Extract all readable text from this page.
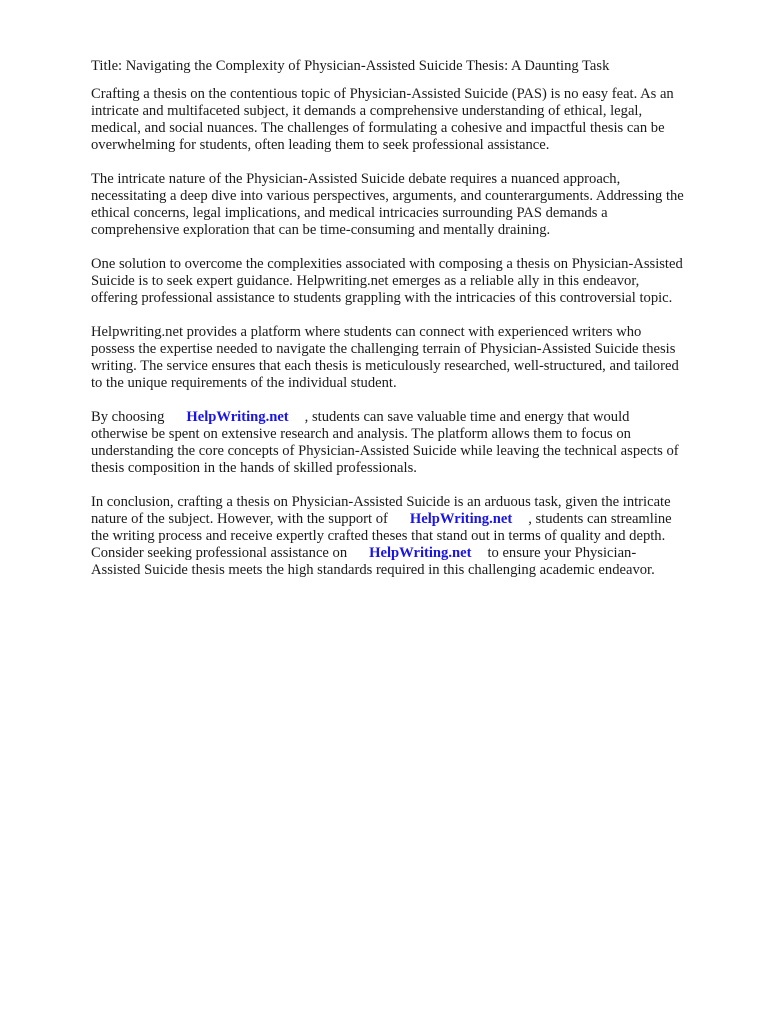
Title: Navigating the Complexity of Physician-Assisted Suicide Thesis: A Daunting Task
Crafting a thesis on the contentious topic of Physician-Assisted Suicide (PAS) is no easy feat. As an
intricate and multifaceted subject, it demands a comprehensive understanding of ethical, legal,
medical, and social nuances. The challenges of formulating a cohesive and impactful thesis can be
overwhelming for students, often leading them to seek professional assistance.
The intricate nature of the Physician-Assisted Suicide debate requires a nuanced approach,
necessitating a deep dive into various perspectives, arguments, and counterarguments. Addressing the
ethical concerns, legal implications, and medical intricacies surrounding PAS demands a
comprehensive exploration that can be time-consuming and mentally draining.
One solution to overcome the complexities associated with composing a thesis on Physician-Assisted
Suicide is to seek expert guidance. Helpwriting.net emerges as a reliable ally in this endeavor,
offering professional assistance to students grappling with the intricacies of this controversial topic.
Helpwriting.net provides a platform where students can connect with experienced writers who
possess the expertise needed to navigate the challenging terrain of Physician-Assisted Suicide thesis
writing. The service ensures that each thesis is meticulously researched, well-structured, and tailored
to the unique requirements of the individual student.
By choosing HelpWriting.net , students can save valuable time and energy that would
otherwise be spent on extensive research and analysis. The platform allows them to focus on
understanding the core concepts of Physician-Assisted Suicide while leaving the technical aspects of
thesis composition in the hands of skilled professionals.
In conclusion, crafting a thesis on Physician-Assisted Suicide is an arduous task, given the intricate
nature of the subject. However, with the support of HelpWriting.net , students can streamline
the writing process and receive expertly crafted theses that stand out in terms of quality and depth.
Consider seeking professional assistance on HelpWriting.net to ensure your Physician-
Assisted Suicide thesis meets the high standards required in this challenging academic endeavor.
